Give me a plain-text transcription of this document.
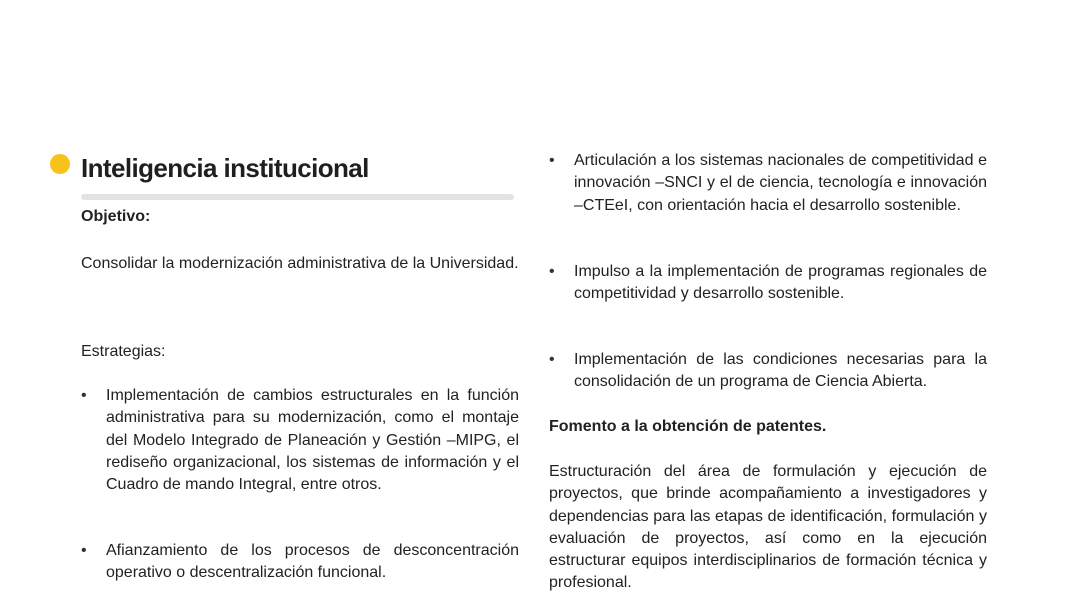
Inteligencia institucional

Objetivo:

Consolidar la modernización administrativa de la Universidad.

Estrategias:

• Implementación de cambios estructurales en la función administrativa para su modernización, como el montaje del Modelo Integrado de Planeación y Gestión –MIPG, el rediseño organizacional, los sistemas de información y el Cuadro de mando Integral, entre otros.

• Afianzamiento de los procesos de desconcentración operativo o descentralización funcional.

• Articulación a los sistemas nacionales de competitividad e innovación –SNCI y el de ciencia, tecnología e innovación –CTEeI, con orientación hacia el desarrollo sostenible.

• Impulso a la implementación de programas regionales de competitividad y desarrollo sostenible.

• Implementación de las condiciones necesarias para la consolidación de un programa de Ciencia Abierta.

Fomento a la obtención de patentes.

Estructuración del área de formulación y ejecución de proyectos, que brinde acompañamiento a investigadores y dependencias para las etapas de identificación, formulación y evaluación de proyectos, así como en la ejecución estructurar equipos interdisciplinarios de formación técnica y profesional.
